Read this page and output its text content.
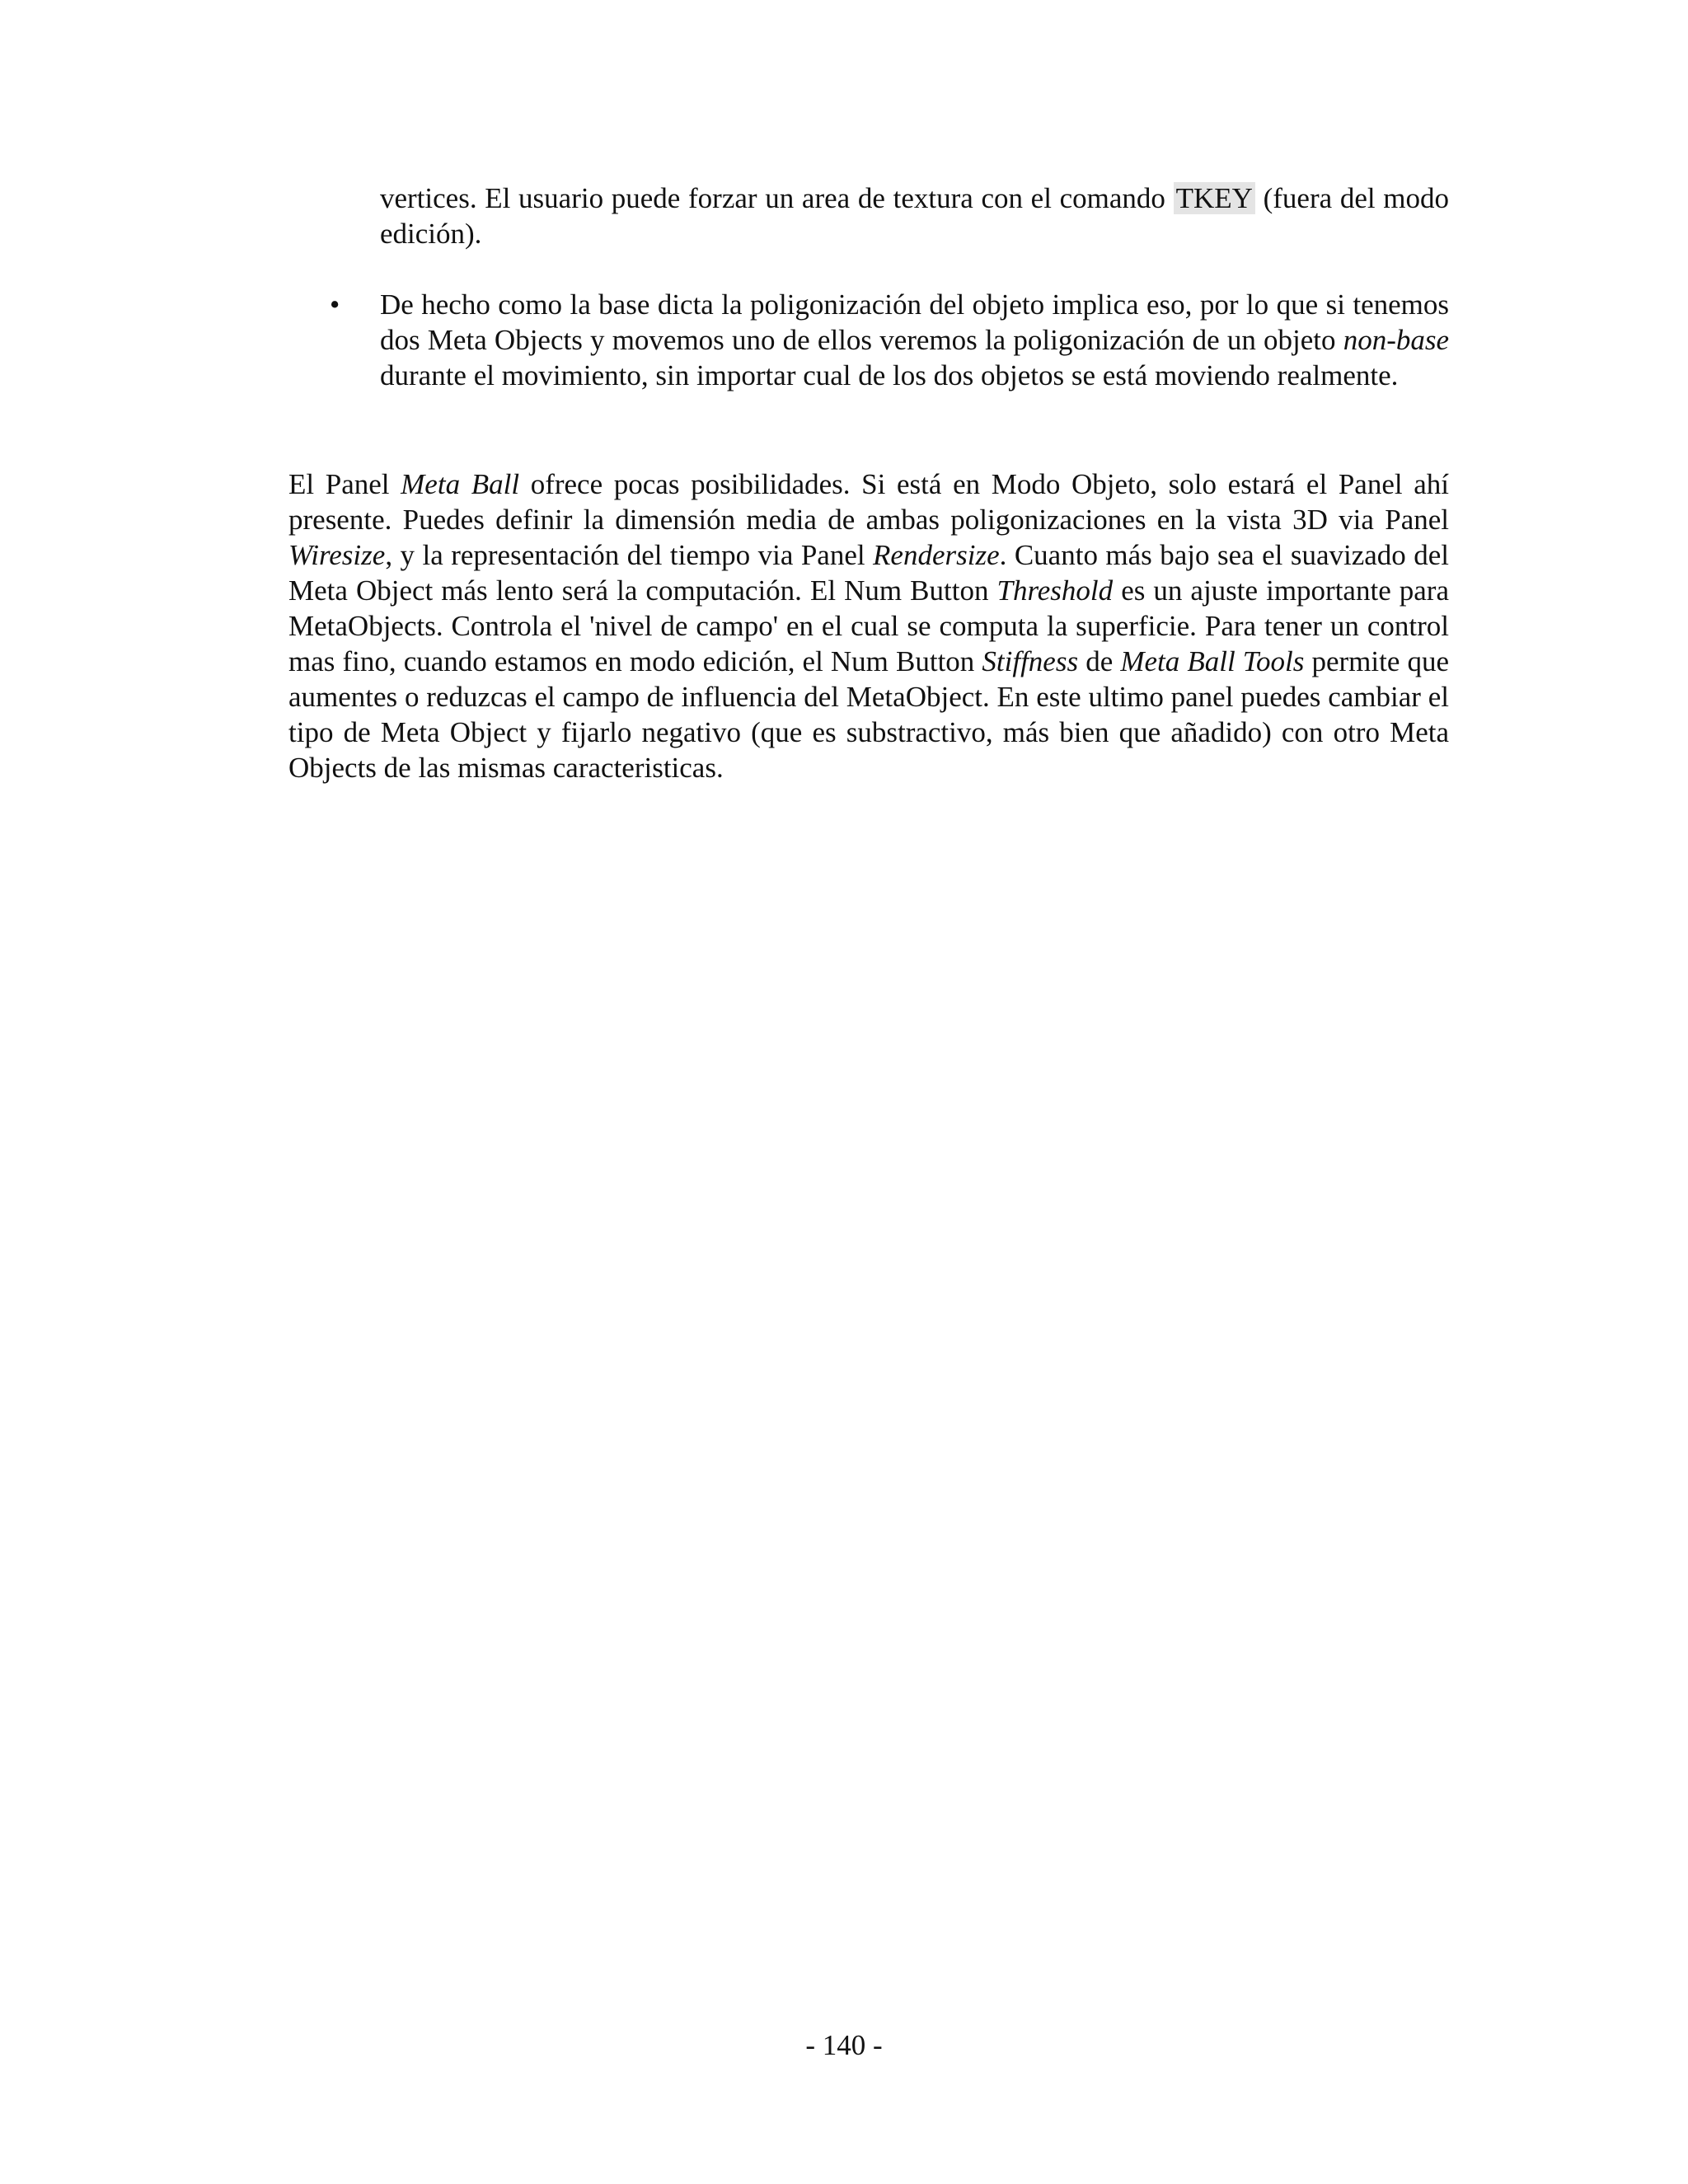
vertices. El usuario puede forzar un area de textura con el comando TKEY (fuera del modo edición).

•	De hecho como la base dicta la poligonización del objeto implica eso, por lo que si tenemos dos Meta Objects y movemos uno de ellos veremos la poligonización de un objeto non-base durante el movimiento, sin importar cual de los dos objetos se está moviendo realmente.

El Panel Meta Ball ofrece pocas posibilidades. Si está en Modo Objeto, solo estará el Panel ahí presente. Puedes definir la dimensión media de ambas poligonizaciones en la vista 3D via Panel Wiresize, y la representación del tiempo via Panel Rendersize. Cuanto más bajo sea el suavizado del Meta Object más lento será la computación. El Num Button Threshold es un ajuste importante para MetaObjects. Controla el 'nivel de campo' en el cual se computa la superficie. Para tener un control mas fino, cuando estamos en modo edición, el Num Button Stiffness de Meta Ball Tools permite que aumentes o reduzcas el campo de influencia del MetaObject. En este ultimo panel puedes cambiar el tipo de Meta Object y fijarlo negativo (que es substractivo, más bien que añadido) con otro Meta Objects de las mismas caracteristicas.

- 140 -
